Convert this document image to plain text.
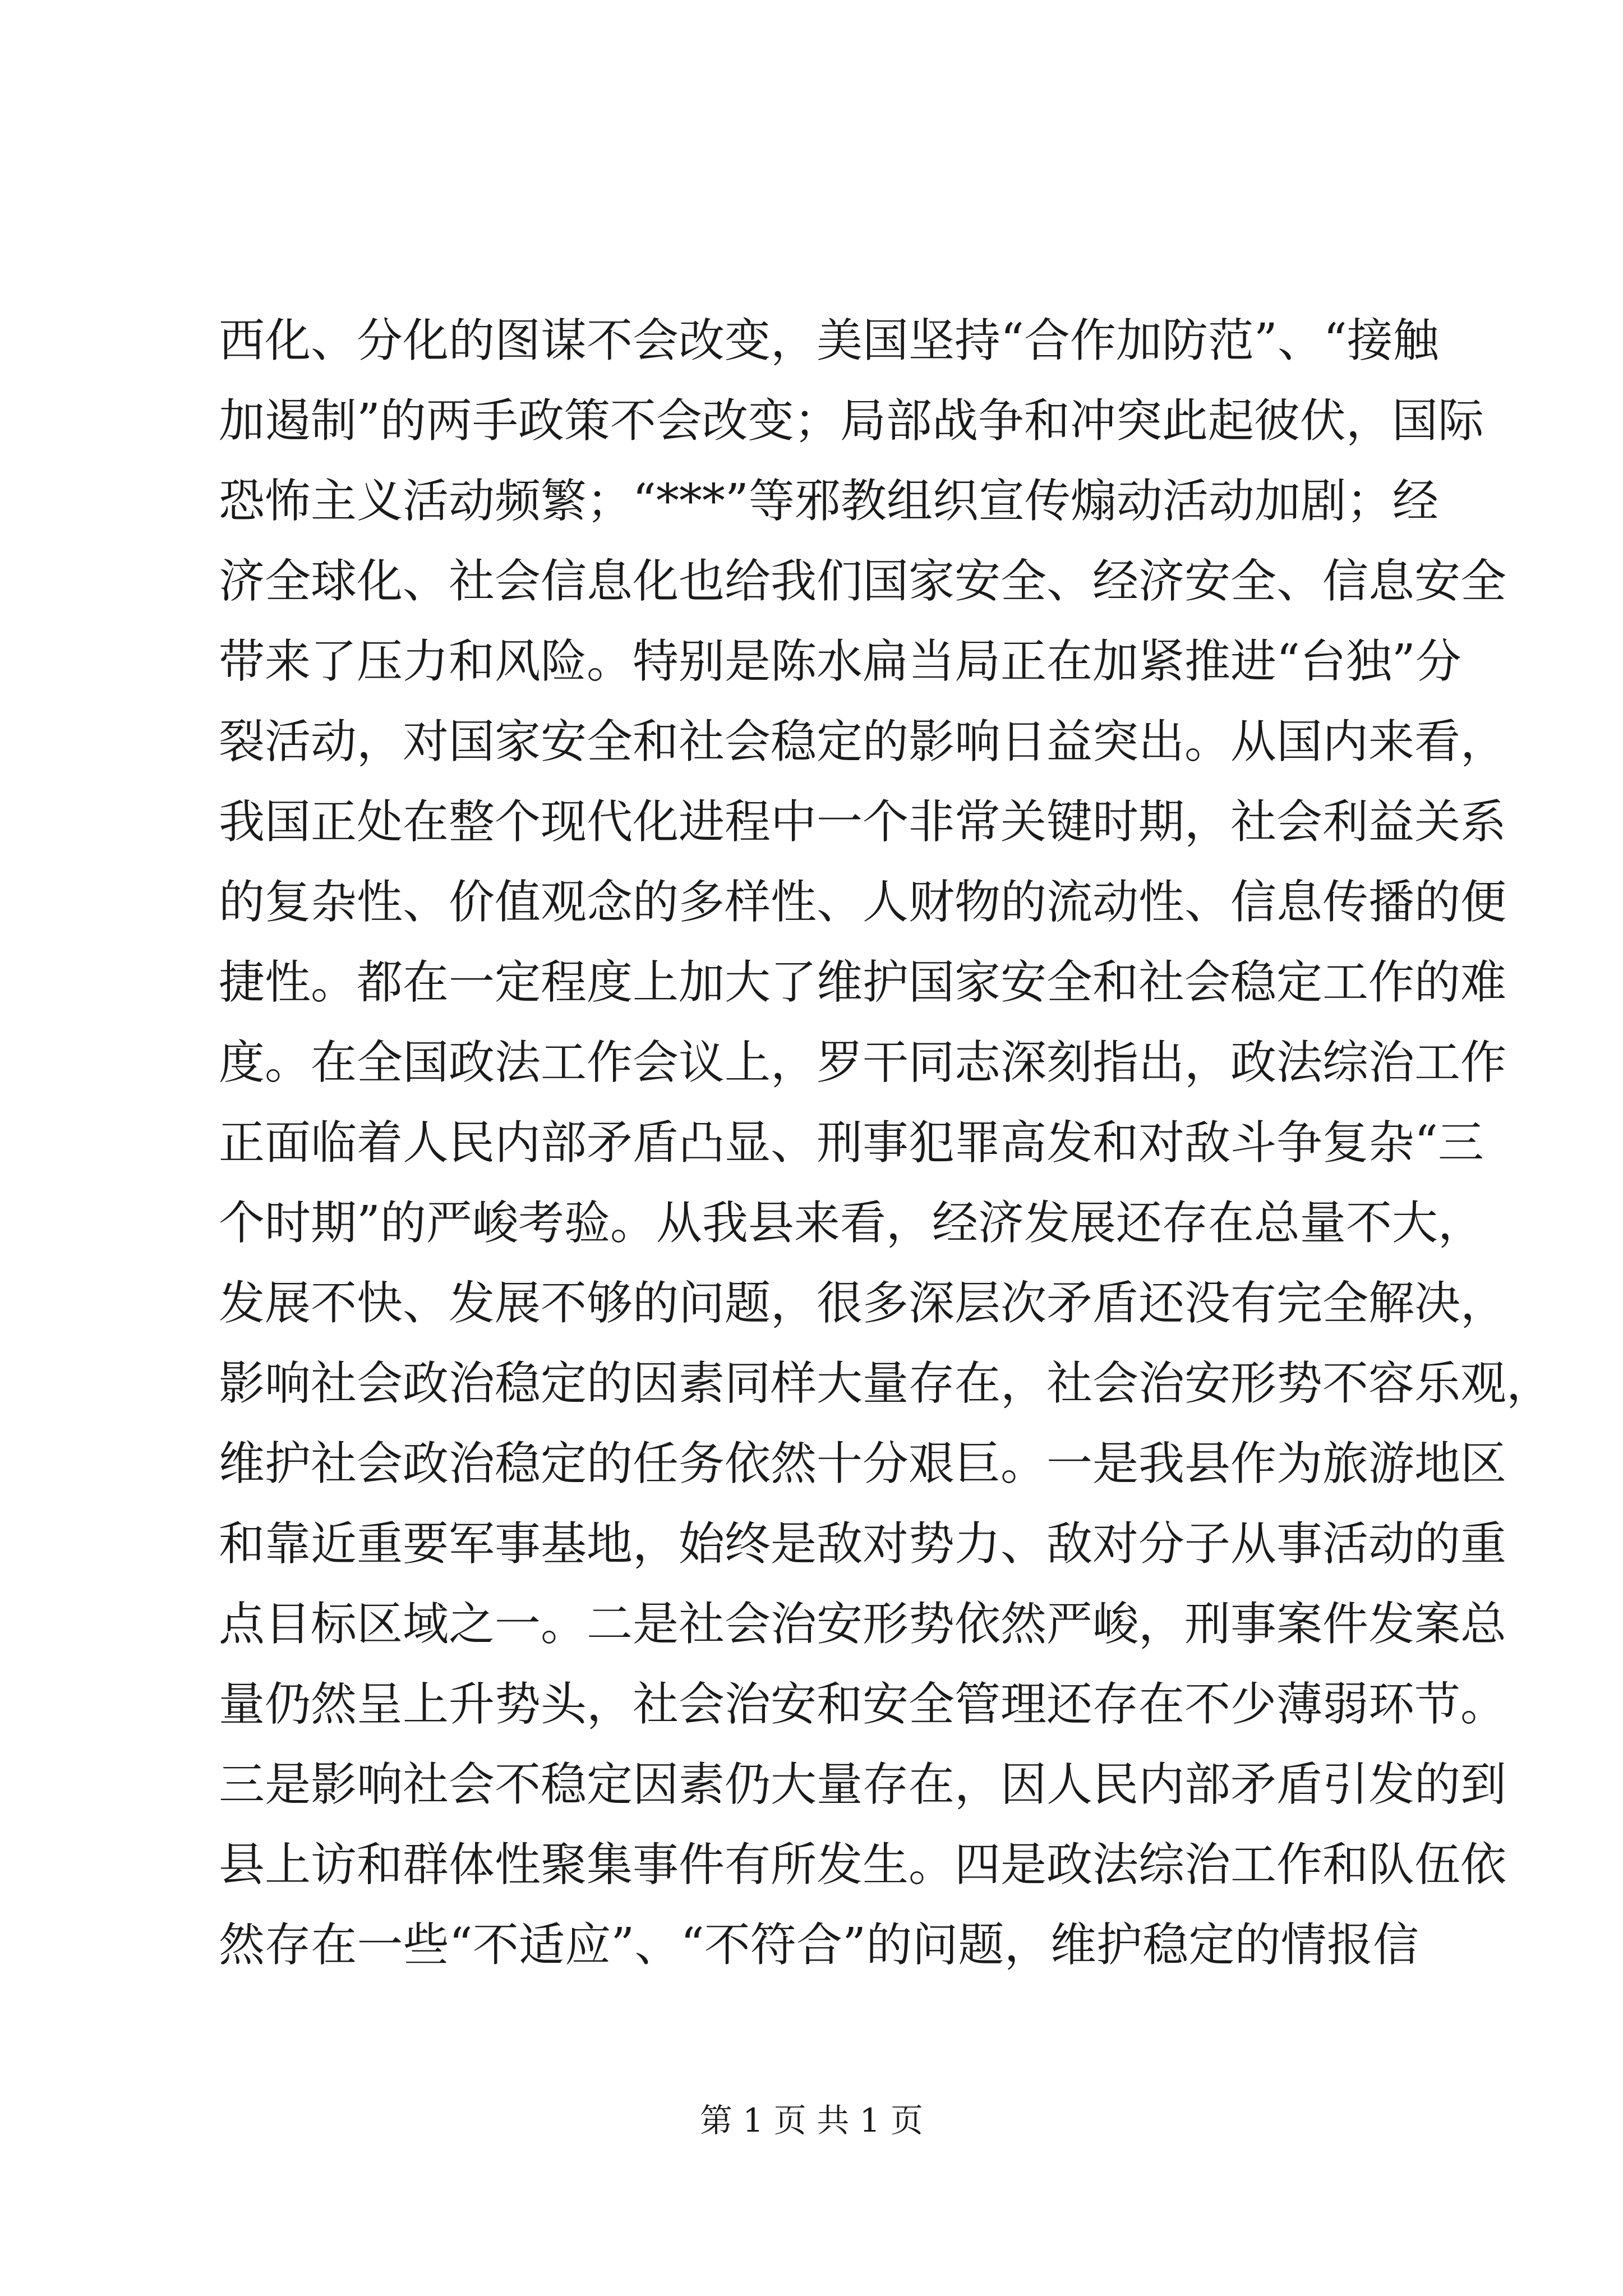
西化、分化的图谋不会改变，美国坚持“合作加防范”、“接触
加遏制”的两手政策不会改变；局部战争和冲突此起彼伏，国际
恐怖主义活动频繁；“***”等邪教组织宣传煽动活动加剧；经
济全球化、社会信息化也给我们国家安全、经济安全、信息安全
带来了压力和风险。特别是陈水扁当局正在加紧推进“台独”分
裂活动，对国家安全和社会稳定的影响日益突出。从国内来看，
我国正处在整个现代化进程中一个非常关键时期，社会利益关系
的复杂性、价值观念的多样性、人财物的流动性、信息传播的便
捷性。都在一定程度上加大了维护国家安全和社会稳定工作的难
度。在全国政法工作会议上，罗干同志深刻指出，政法综治工作
正面临着人民内部矛盾凸显、刑事犯罪高发和对敌斗争复杂“三
个时期”的严峻考验。从我县来看，经济发展还存在总量不大，
发展不快、发展不够的问题，很多深层次矛盾还没有完全解决，
影响社会政治稳定的因素同样大量存在，社会治安形势不容乐观，
维护社会政治稳定的任务依然十分艰巨。一是我县作为旅游地区
和靠近重要军事基地，始终是敌对势力、敌对分子从事活动的重
点目标区域之一。二是社会治安形势依然严峻，刑事案件发案总
量仍然呈上升势头，社会治安和安全管理还存在不少薄弱环节。
三是影响社会不稳定因素仍大量存在，因人民内部矛盾引发的到
县上访和群体性聚集事件有所发生。四是政法综治工作和队伍依
然存在一些“不适应”、“不符合”的问题，维护稳定的情报信
第 1 页 共 1 页
